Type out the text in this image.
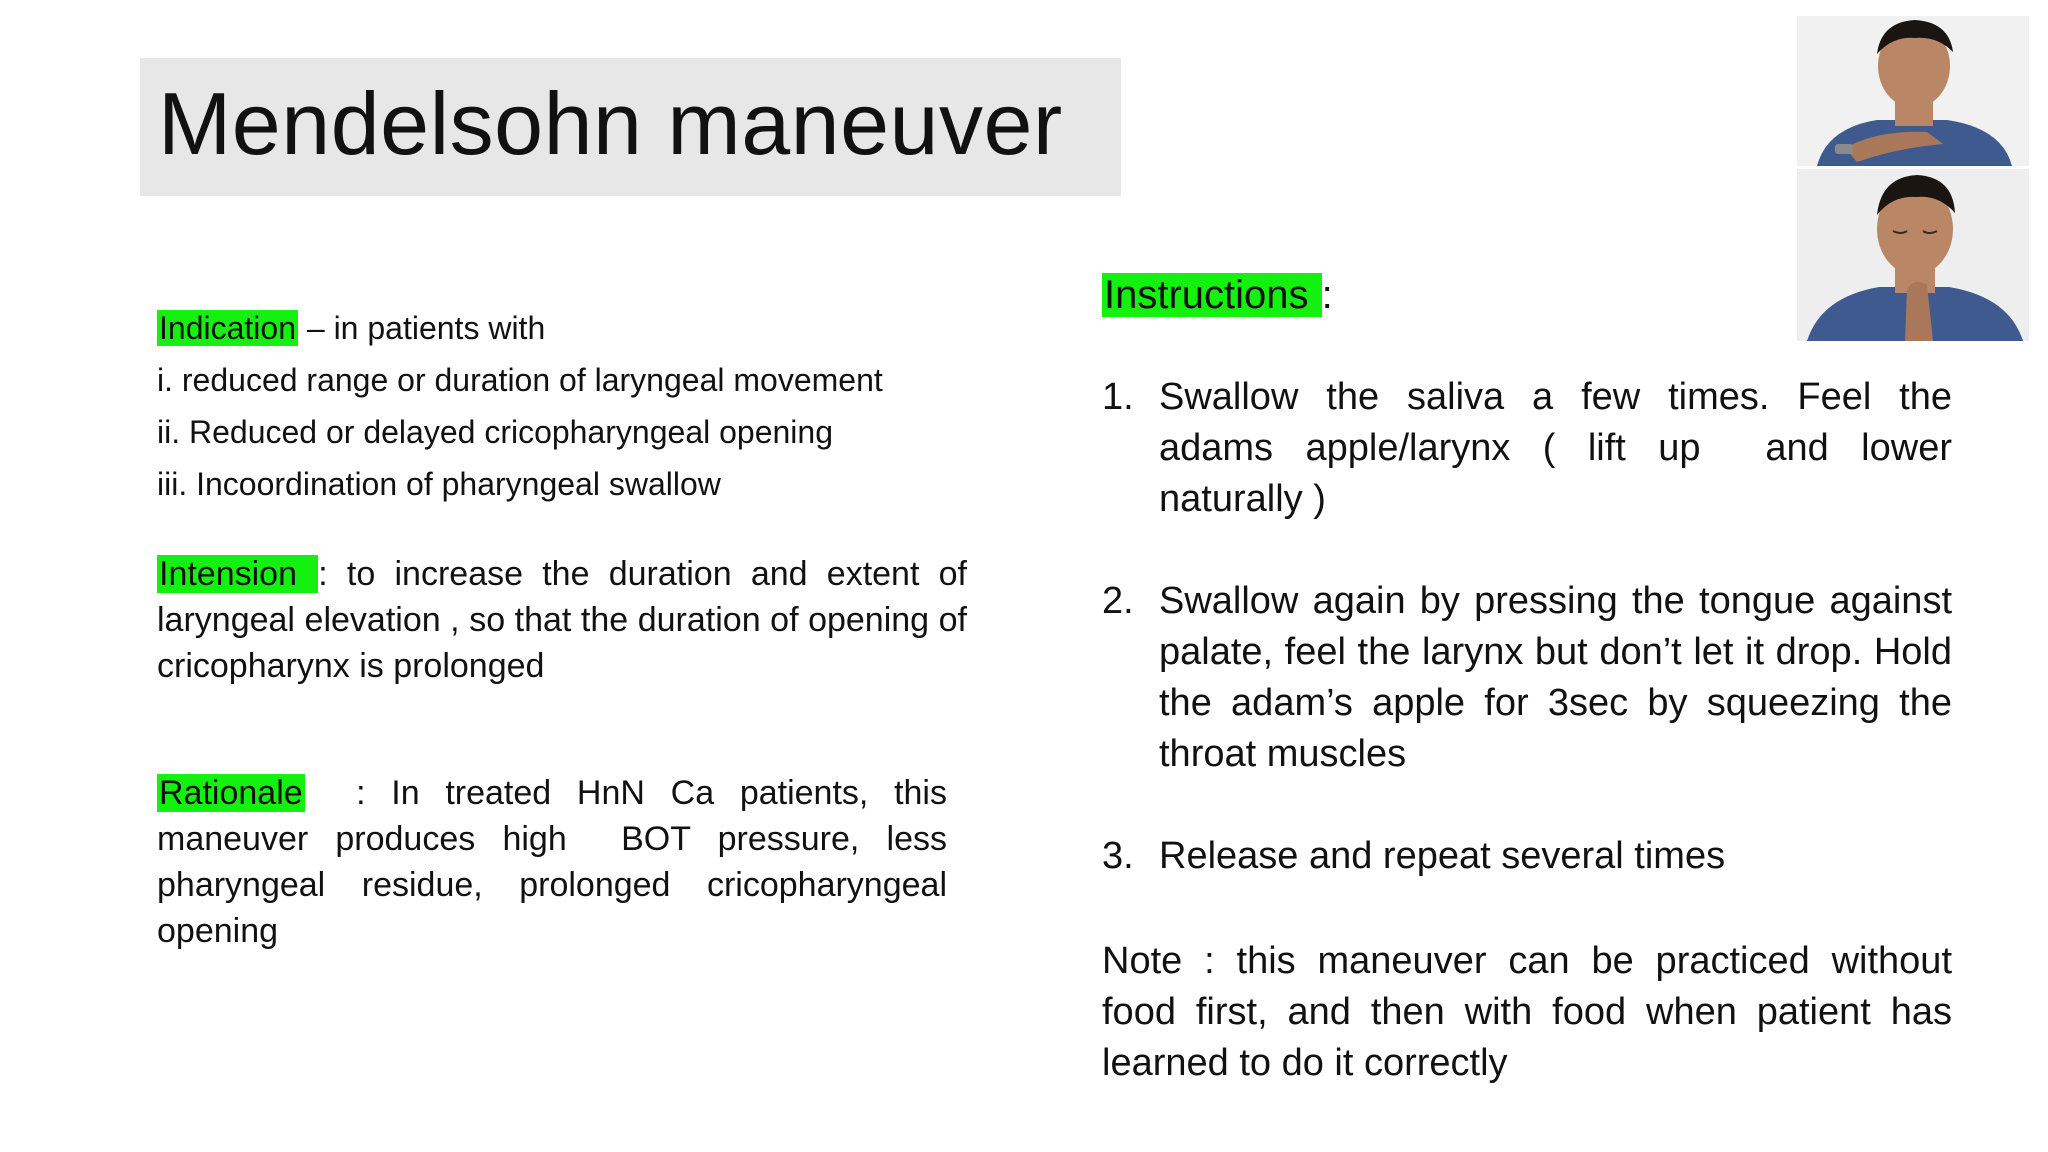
Mendelsohn maneuver

Indication – in patients with

i. reduced range or duration of laryngeal movement

ii. Reduced or delayed cricopharyngeal opening

iii. Incoordination of pharyngeal swallow

Intension : to increase the duration and extent of laryngeal elevation , so that the duration of opening of cricopharynx is prolonged

Rationale  : In treated HnN Ca patients, this maneuver produces high  BOT pressure, less pharyngeal residue, prolonged cricopharyngeal opening

Instructions :
1. Swallow the saliva a few times. Feel the adams apple/larynx ( lift up  and lower naturally )
2. Swallow again by pressing the tongue against palate, feel the larynx but don’t let it drop. Hold the adam’s apple for 3sec by squeezing the throat muscles
3. Release and repeat several times
Note : this maneuver can be practiced without food first, and then with food when patient has learned to do it correctly
